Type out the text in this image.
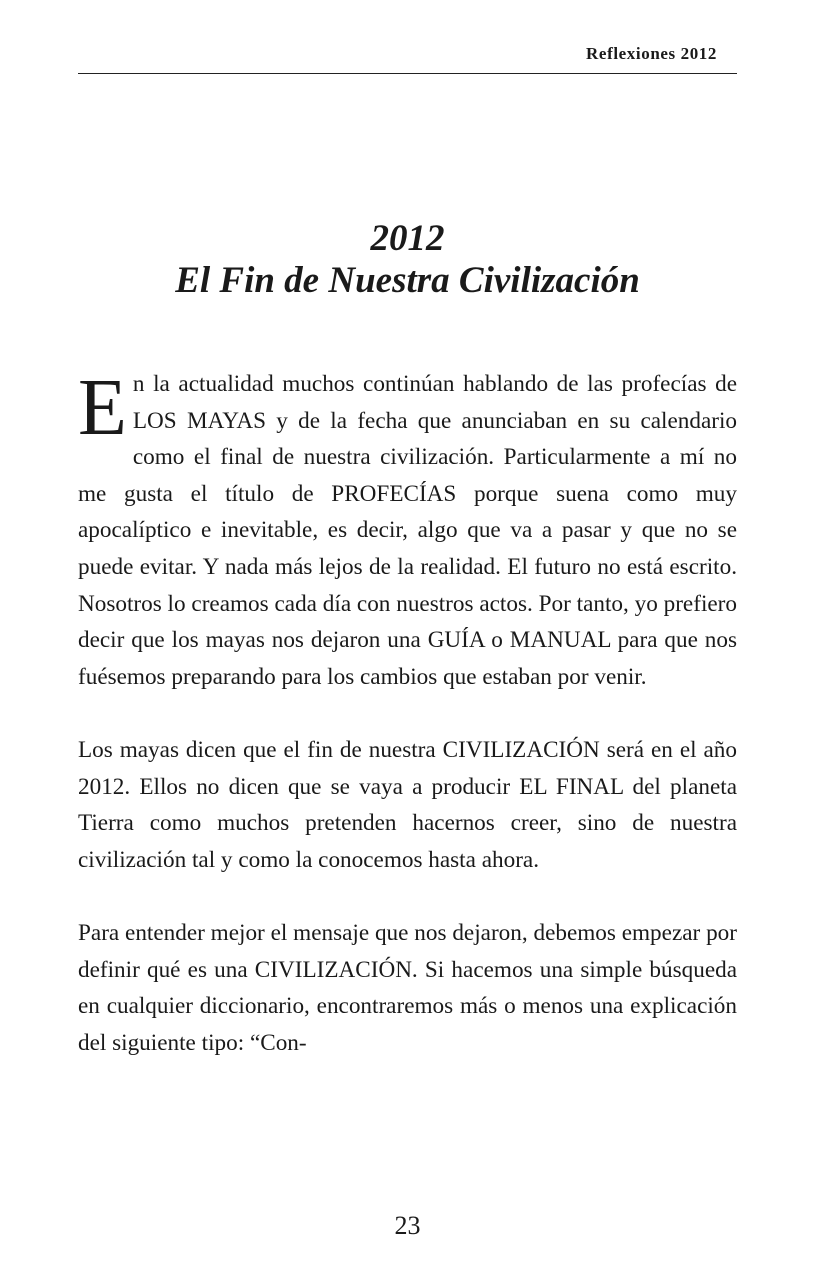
Reflexiones 2012
2012
El Fin de Nuestra Civilización

En la actualidad muchos continúan hablando de las profecías de LOS MAYAS y de la fecha que anunciaban en su calendario como el final de nuestra civilización. Particularmente a mí no me gusta el título de PROFECÍAS porque suena como muy apocalíptico e inevitable, es decir, algo que va a pasar y que no se puede evitar. Y nada más lejos de la realidad. El futuro no está escrito. Nosotros lo creamos cada día con nuestros actos. Por tanto, yo prefiero decir que los mayas nos dejaron una GUÍA o MANUAL para que nos fuésemos preparando para los cambios que estaban por venir.

Los mayas dicen que el fin de nuestra CIVILIZACIÓN será en el año 2012. Ellos no dicen que se vaya a producir EL FINAL del planeta Tierra como muchos pretenden hacernos creer, sino de nuestra civilización tal y como la conocemos hasta ahora.

Para entender mejor el mensaje que nos dejaron, debemos empezar por definir qué es una CIVILIZACIÓN. Si hacemos una simple búsqueda en cualquier diccionario, encontraremos más o menos una explicación del siguiente tipo: “Con-

23
